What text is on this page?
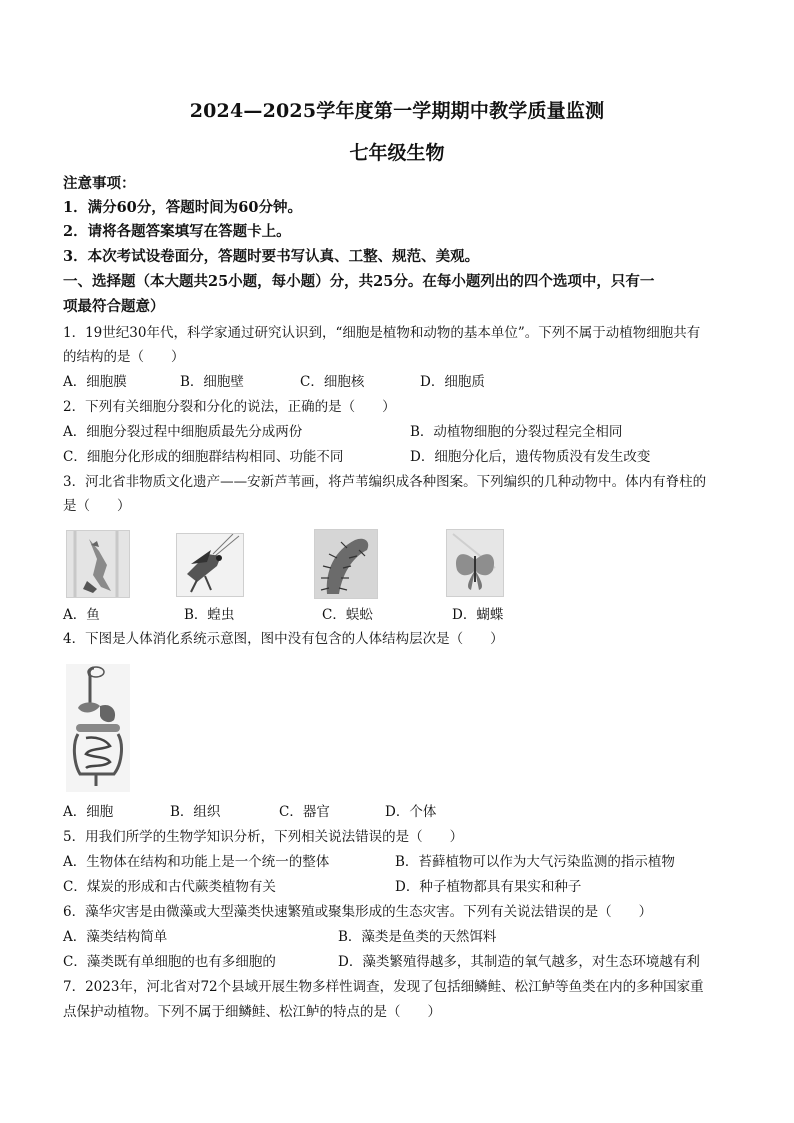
2024—2025学年度第一学期期中教学质量监测
七年级生物
注意事项：
1．满分60分，答题时间为60分钟。
2．请将各题答案填写在答题卡上。
3．本次考试设卷面分，答题时要书写认真、工整、规范、美观。
一、选择题（本大题共25小题，每小题）分，共25分。在每小题列出的四个选项中，只有一
项最符合题意）
1．19世纪30年代，科学家通过研究认识到，“细胞是植物和动物的基本单位”。下列不属于动植物细胞共有
的结构的是（　　）
A．细胞膜	B．细胞壁	C．细胞核	D．细胞质
2．下列有关细胞分裂和分化的说法，正确的是（　　）
A．细胞分裂过程中细胞质最先分成两份	B．动植物细胞的分裂过程完全相同
C．细胞分化形成的细胞群结构相同、功能不同	D．细胞分化后，遗传物质没有发生改变
3．河北省非物质文化遗产——安新芦苇画，将芦苇编织成各种图案。下列编织的几种动物中。体内有脊柱的
是（　　）
A．鱼	B．蝗虫	C．蜈蚣	D．蝴蝶
4．下图是人体消化系统示意图，图中没有包含的人体结构层次是（　　）
A．细胞	B．组织	C．器官	D．个体
5．用我们所学的生物学知识分析，下列相关说法错误的是（　　）
A．生物体在结构和功能上是一个统一的整体	B．苔藓植物可以作为大气污染监测的指示植物
C．煤炭的形成和古代蕨类植物有关	D．种子植物都具有果实和种子
6．藻华灾害是由微藻或大型藻类快速繁殖或聚集形成的生态灾害。下列有关说法错误的是（　　）
A．藻类结构简单	B．藻类是鱼类的天然饵料
C．藻类既有单细胞的也有多细胞的	D．藻类繁殖得越多，其制造的氧气越多，对生态环境越有利
7．2023年，河北省对72个县域开展生物多样性调查，发现了包括细鳞鲑、松江鲈等鱼类在内的多种国家重
点保护动植物。下列不属于细鳞鲑、松江鲈的特点的是（　　）
